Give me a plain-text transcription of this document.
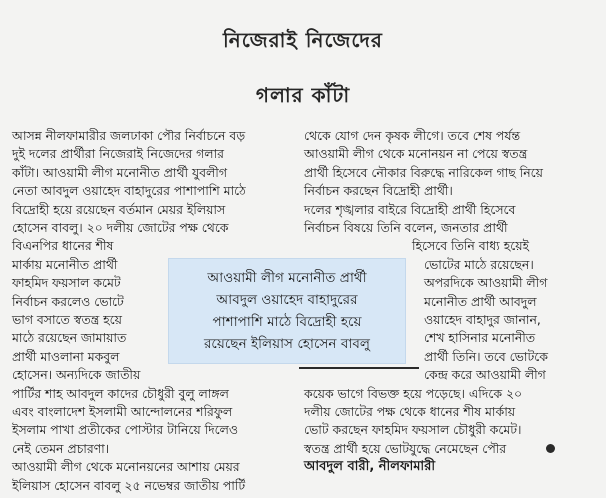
নিজেরাই নিজেদের
গলার কাঁটা
আসন্ন নীলফামারীর জলঢাকা পৌর নির্বাচনে বড়
দুই দলের প্রার্থীরা নিজেরাই নিজেদের গলার
কাঁটা। আওয়ামী লীগ মনোনীত প্রার্থী যুবলীগ
নেতা আবদুল ওয়াহেদ বাহাদুরের পাশাপাশি মাঠে
বিদ্রোহী হয়ে রয়েছেন বর্তমান মেয়র ইলিয়াস
হোসেন বাবলু। ২০ দলীয় জোটের পক্ষ থেকে
বিএনপির ধানের শীষ
মার্কায় মনোনীত প্রার্থী
ফাহমিদ ফয়সাল কমেট
নির্বাচন করলেও ভোটে
ভাগ বসাতে স্বতন্ত্র হয়ে
মাঠে রয়েছেন জামায়াত
প্রার্থী মাওলানা মকবুল
হোসেন। অন্যদিকে জাতীয়
পার্টির শাহ আবদুল কাদের চৌধুরী বুলু লাঙ্গল
এবং বাংলাদেশ ইসলামী আন্দোলনের শরিফুল
ইসলাম পাখা প্রতীকের পোস্টার টানিয়ে দিলেও
নেই তেমন প্রচারণা।
আওয়ামী লীগ থেকে মনোনয়নের আশায় মেয়র
ইলিয়াস হোসেন বাবলু ২৫ নভেম্বর জাতীয় পার্টি
থেকে যোগ দেন কৃষক লীগে। তবে শেষ পর্যন্ত
আওয়ামী লীগ থেকে মনোনয়ন না পেয়ে স্বতন্ত্র
প্রার্থী হিসেবে নৌকার বিরুদ্ধে নারিকেল গাছ নিয়ে
নির্বাচন করছেন বিদ্রোহী প্রার্থী।
দলের শৃঙ্খলার বাইরে বিদ্রোহী প্রার্থী হিসেবে
নির্বাচন বিষয়ে তিনি বলেন, জনতার প্রার্থী
হিসেবে তিনি বাধ্য হয়েই
ভোটের মাঠে রয়েছেন।
অপরদিকে আওয়ামী লীগ
মনোনীত প্রার্থী আবদুল
ওয়াহেদ বাহাদুর জানান,
শেখ হাসিনার মনোনীত
প্রার্থী তিনি। তবে ভোটকে
কেন্দ্র করে আওয়ামী লীগ
কয়েক ভাগে বিভক্ত হয়ে পড়েছে। এদিকে ২০
দলীয় জোটের পক্ষ থেকে ধানের শীষ মার্কায়
ভোট করছেন ফাহমিদ ফয়সাল চৌধুরী কমেট।
স্বতন্ত্র প্রার্থী হয়ে ভোটযুদ্ধে নেমেছেন পৌর
আওয়ামী লীগ মনোনীত প্রার্থী
আবদুল ওয়াহেদ বাহাদুরের
পাশাপাশি মাঠে বিদ্রোহী হয়ে
রয়েছেন ইলিয়াস হোসেন বাবলু
আবদুল বারী, নীলফামারী
